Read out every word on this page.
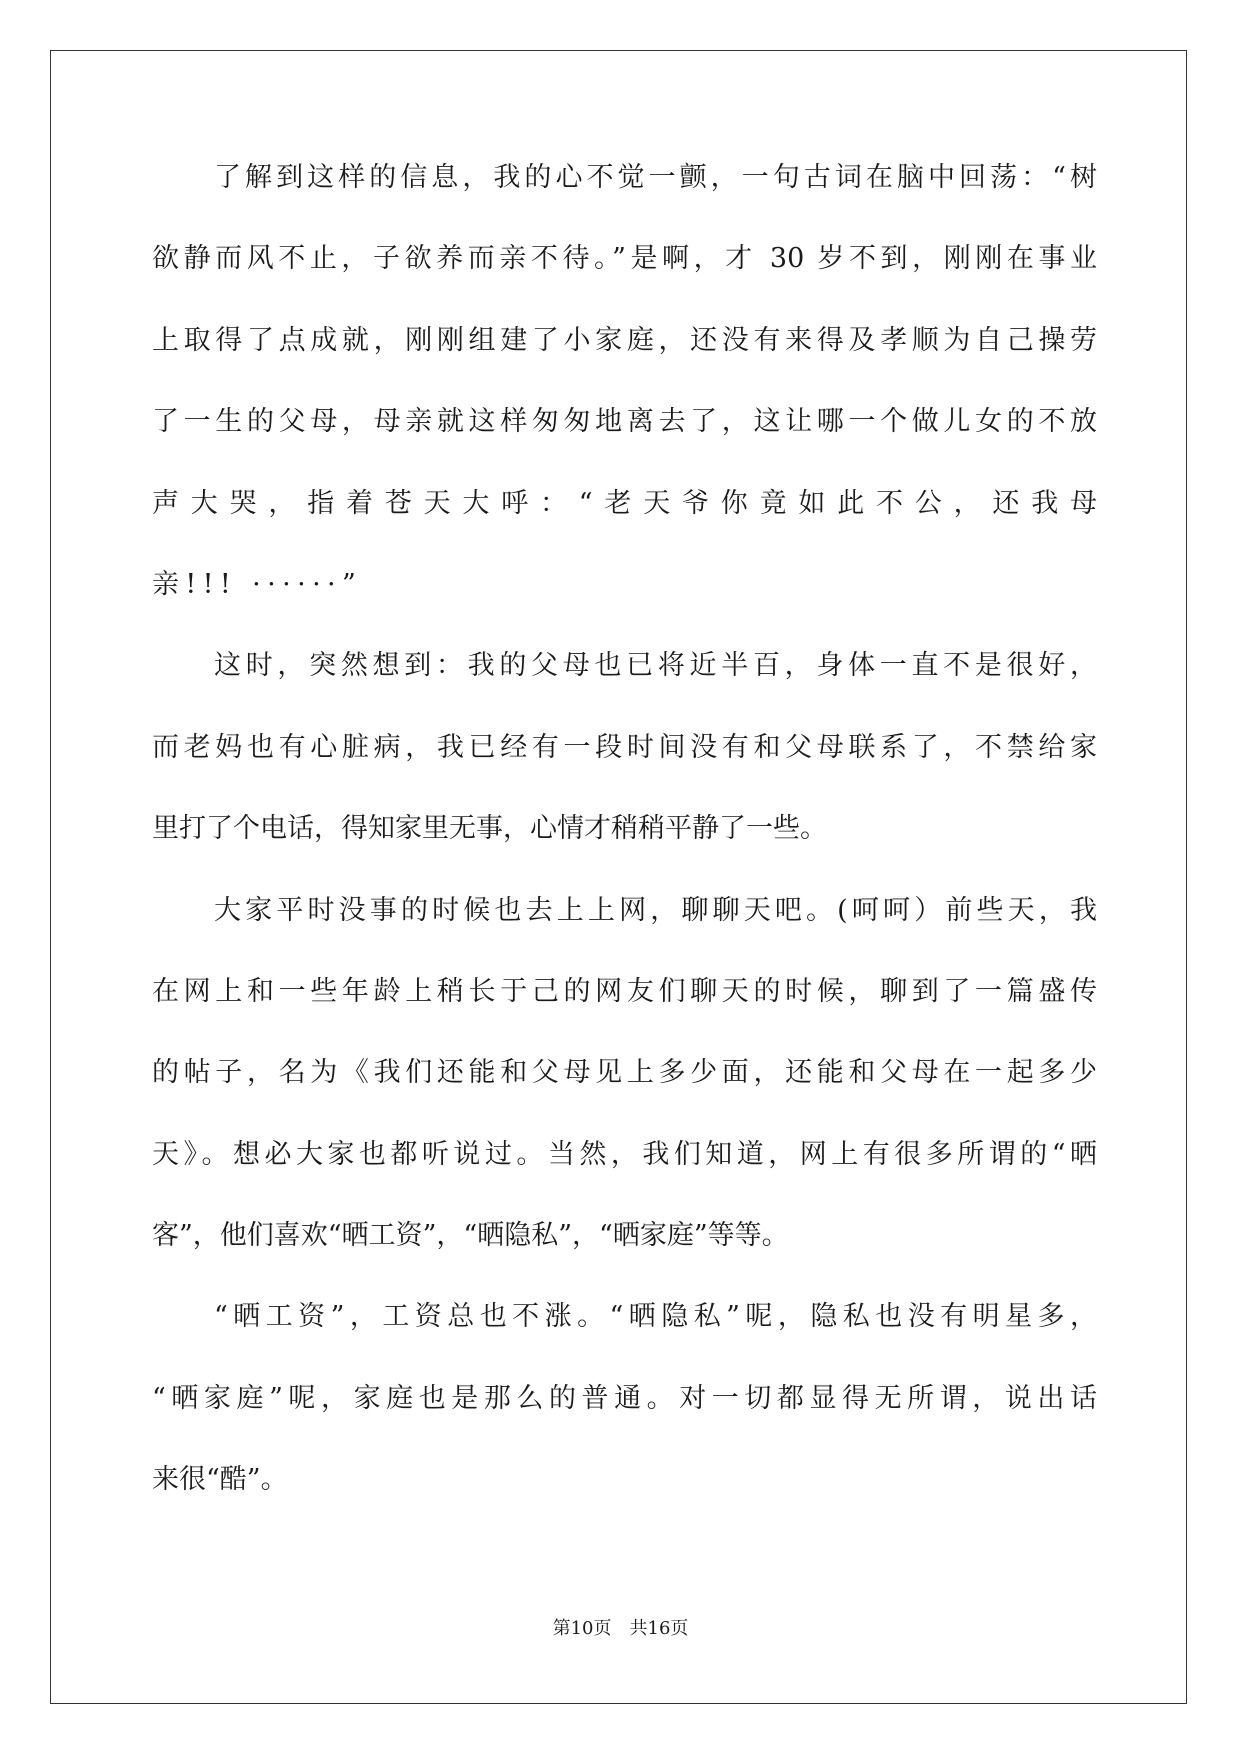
了解到这样的信息，我的心不觉一颤，一句古词在脑中回荡：“树
欲静而风不止，子欲养而亲不待。”是啊，才 30 岁不到，刚刚在事业
上取得了点成就，刚刚组建了小家庭，还没有来得及孝顺为自己操劳
了一生的父母，母亲就这样匆匆地离去了，这让哪一个做儿女的不放
声大哭，指着苍天大呼：“老天爷你竟如此不公，还我母
亲!!! ······”
这时，突然想到：我的父母也已将近半百，身体一直不是很好，
而老妈也有心脏病，我已经有一段时间没有和父母联系了，不禁给家
里打了个电话，得知家里无事，心情才稍稍平静了一些。
大家平时没事的时候也去上上网，聊聊天吧。(呵呵）前些天，我
在网上和一些年龄上稍长于己的网友们聊天的时候，聊到了一篇盛传
的帖子，名为《我们还能和父母见上多少面，还能和父母在一起多少
天》。想必大家也都听说过。当然，我们知道，网上有很多所谓的“晒
客”，他们喜欢“晒工资”，“晒隐私”，“晒家庭”等等。
“晒工资”，工资总也不涨。“晒隐私”呢，隐私也没有明星多，
“晒家庭”呢，家庭也是那么的普通。对一切都显得无所谓，说出话
来很“酷”。
第10页　共16页
